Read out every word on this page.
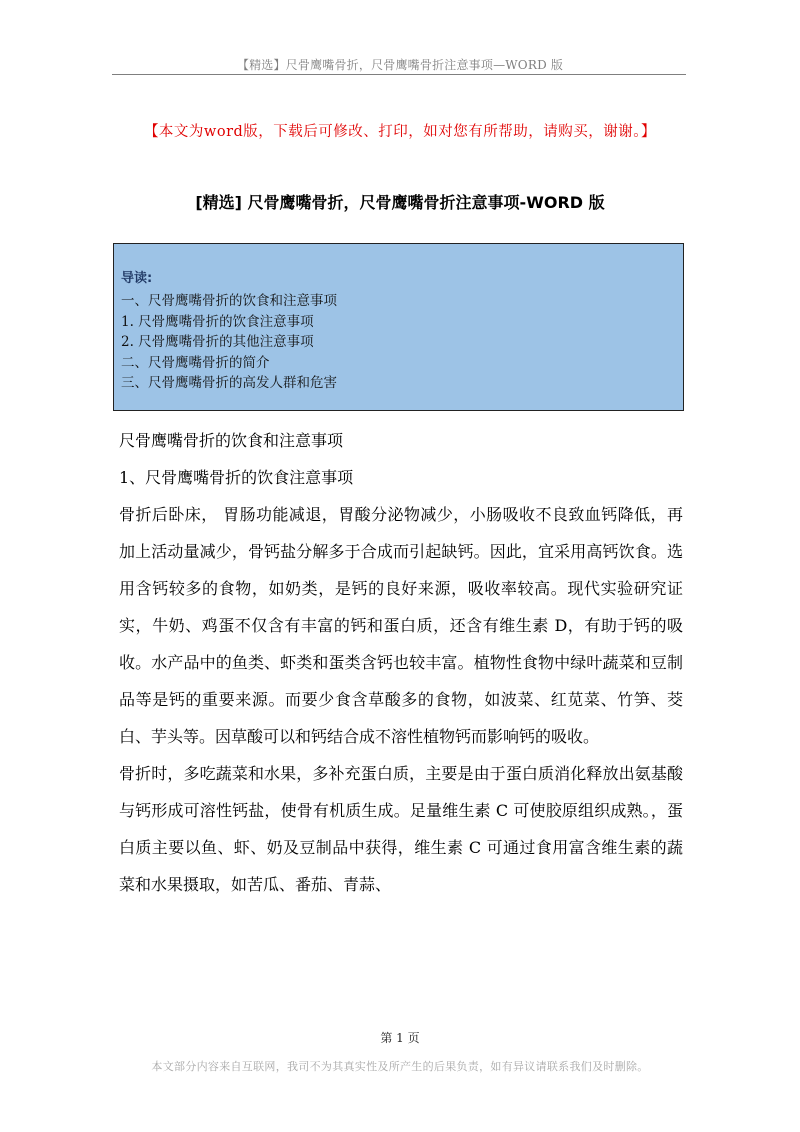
【精选】尺骨鹰嘴骨折，尺骨鹰嘴骨折注意事项—WORD 版
【本文为word版，下载后可修改、打印，如对您有所帮助，请购买，谢谢。】
[精选] 尺骨鹰嘴骨折，尺骨鹰嘴骨折注意事项-WORD 版
导读:
一、尺骨鹰嘴骨折的饮食和注意事项
1. 尺骨鹰嘴骨折的饮食注意事项
2. 尺骨鹰嘴骨折的其他注意事项
二、尺骨鹰嘴骨折的简介
三、尺骨鹰嘴骨折的高发人群和危害

尺骨鹰嘴骨折的饮食和注意事项

1、尺骨鹰嘴骨折的饮食注意事项

骨折后卧床， 胃肠功能减退，胃酸分泌物减少，小肠吸收不良致血钙降低，再加上活动量减少，骨钙盐分解多于合成而引起缺钙。因此，宜采用高钙饮食。选用含钙较多的食物，如奶类，是钙的良好来源，吸收率较高。现代实验研究证实，牛奶、鸡蛋不仅含有丰富的钙和蛋白质，还含有维生素 D，有助于钙的吸收。水产品中的鱼类、虾类和蛋类含钙也较丰富。植物性食物中绿叶蔬菜和豆制品等是钙的重要来源。而要少食含草酸多的食物，如波菜、红苋菜、竹笋、茭白、芋头等。因草酸可以和钙结合成不溶性植物钙而影响钙的吸收。

骨折时，多吃蔬菜和水果，多补充蛋白质，主要是由于蛋白质消化释放出氨基酸与钙形成可溶性钙盐，使骨有机质生成。足量维生素 C 可使胶原组织成熟。，蛋白质主要以鱼、虾、奶及豆制品中获得，维生素 C 可通过食用富含维生素的蔬菜和水果摄取，如苦瓜、番茄、青蒜、

第 1 页
本文部分内容来自互联网，我司不为其真实性及所产生的后果负责，如有异议请联系我们及时删除。
